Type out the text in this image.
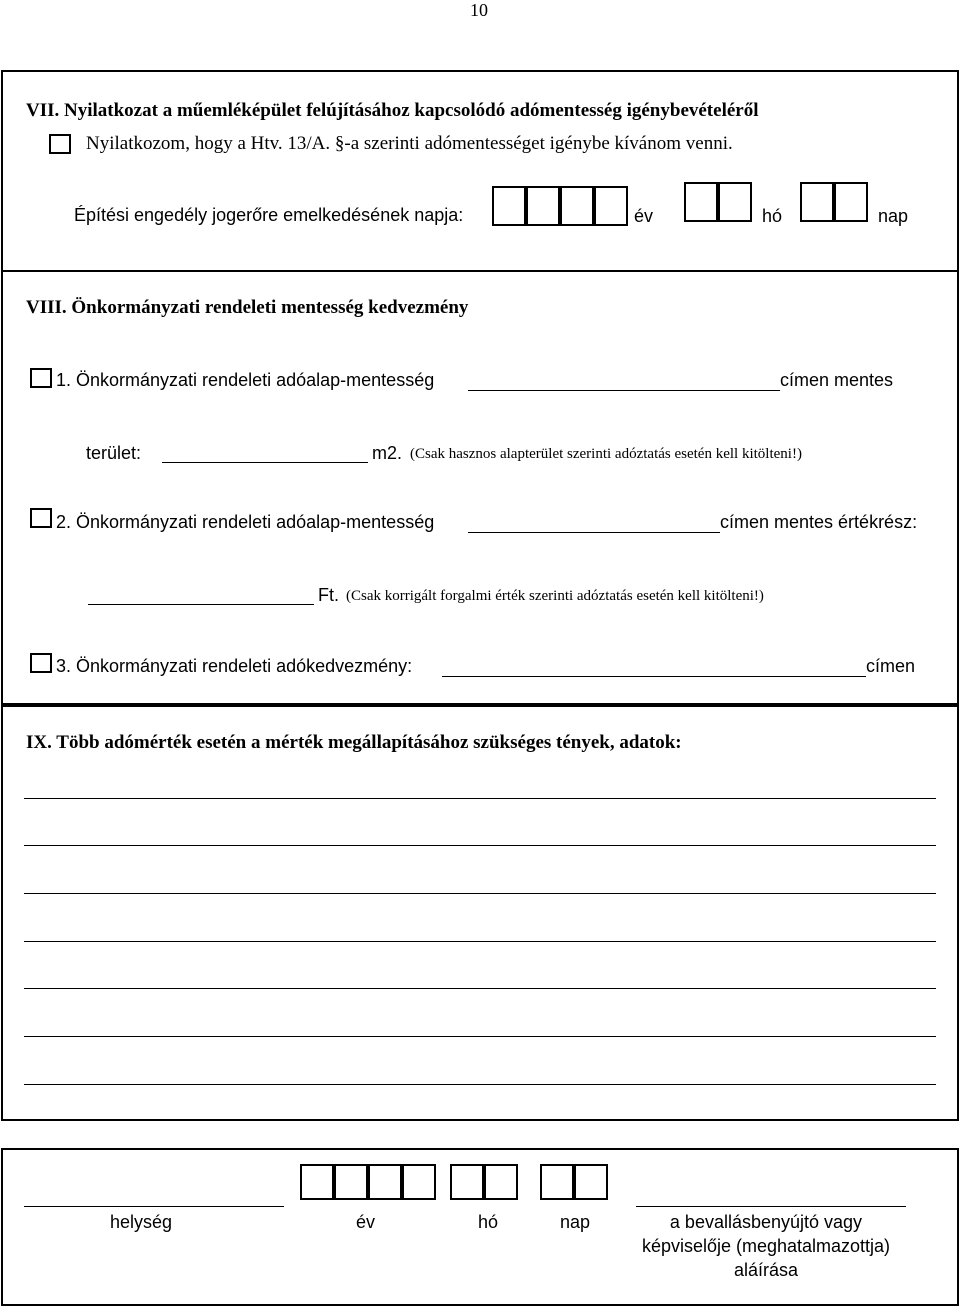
10
VII. Nyilatkozat a műemléképület felújításához kapcsolódó adómentesség igénybevételéről
Nyilatkozom, hogy a Htv. 13/A. §-a szerinti adómentességet igénybe kívánom venni.
Építési engedély jogerőre emelkedésének napja:	év	hó	nap
VIII. Önkormányzati rendeleti mentesség kedvezmény
1. Önkormányzati rendeleti adóalap-mentesség	címen mentes
terület:	m2. (Csak hasznos alapterület szerinti adóztatás esetén kell kitölteni!)
2. Önkormányzati rendeleti adóalap-mentesség	címen mentes értékrész:
Ft. (Csak korrigált forgalmi érték szerinti adóztatás esetén kell kitölteni!)
3. Önkormányzati rendeleti adókedvezmény:	címen
IX. Több adómérték esetén a mérték megállapításához szükséges tények, adatok:
helység	év	hó	nap	a bevallásbenyújtó vagy
képviselője (meghatalmazottja)
aláírása
